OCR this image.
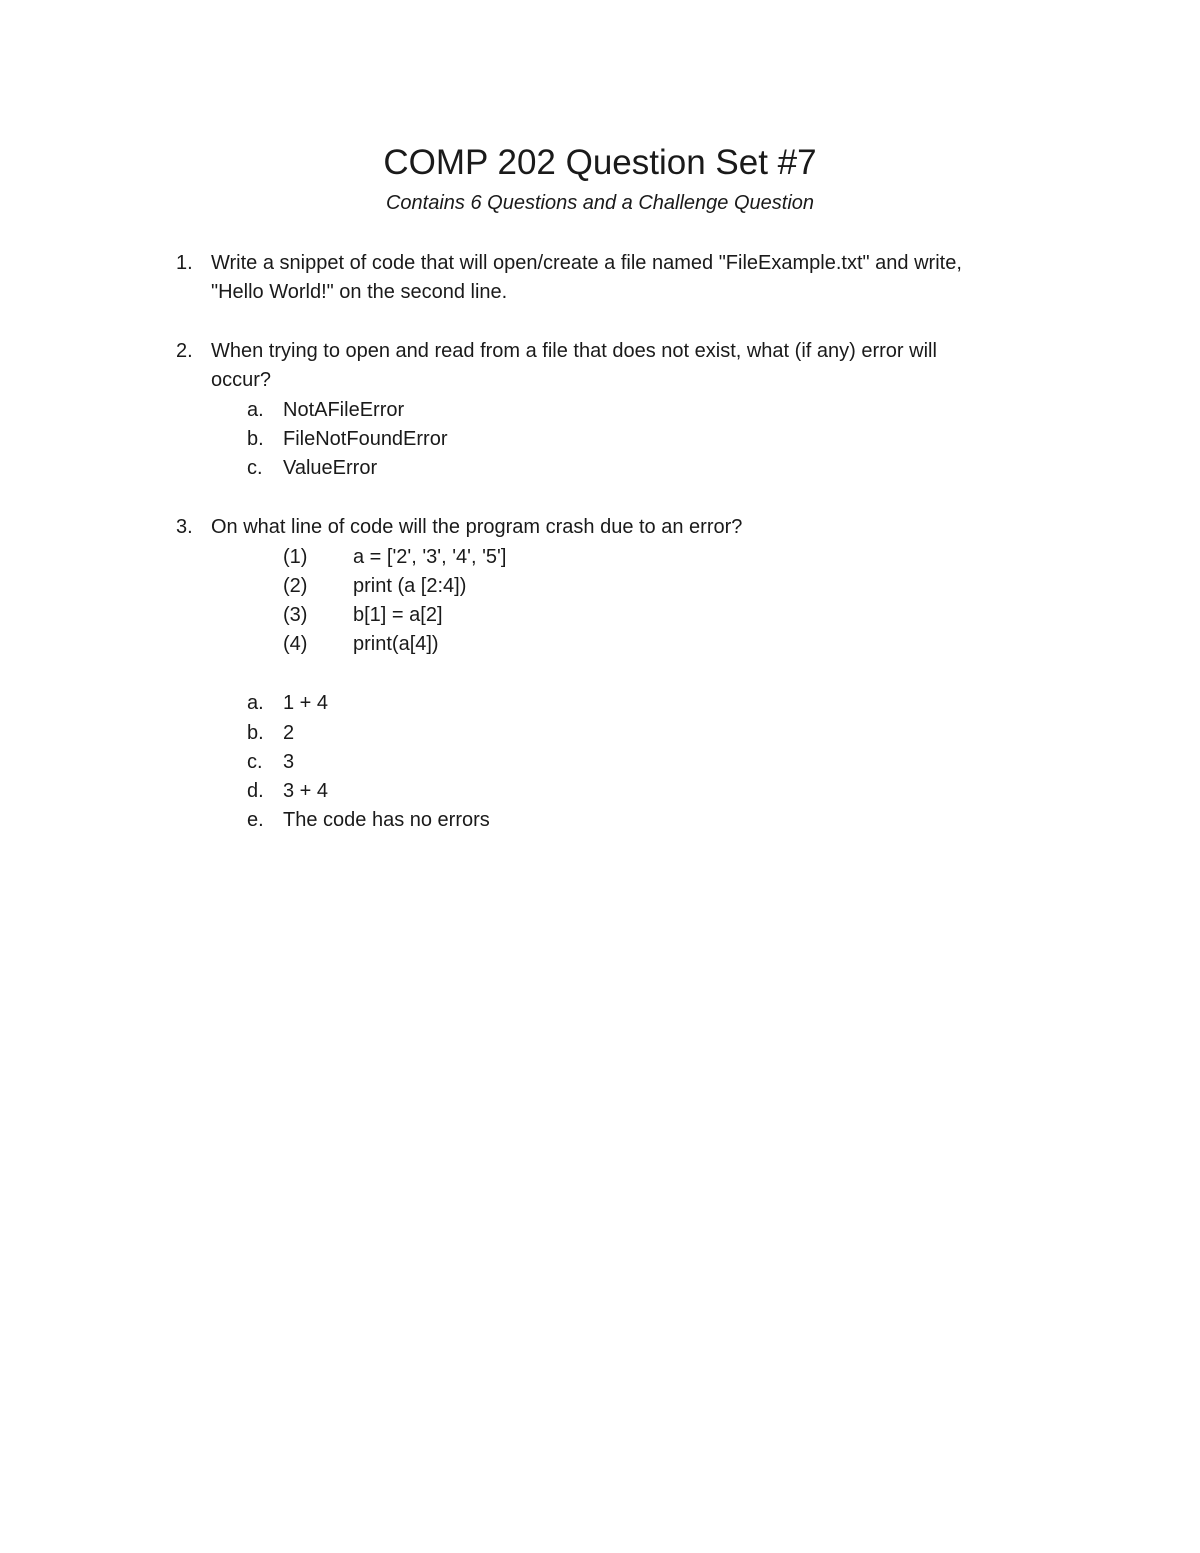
COMP 202 Question Set #7
Contains 6 Questions and a Challenge Question
1. Write a snippet of code that will open/create a file named "FileExample.txt" and write,
"Hello World!" on the second line.
2. When trying to open and read from a file that does not exist, what (if any) error will
occur?
a. NotAFileError
b. FileNotFoundError
c. ValueError
3. On what line of code will the program crash due to an error?
(1) a = ['2', '3', '4', '5']
(2) print (a [2:4])
(3) b[1] = a[2]
(4) print(a[4])
a. 1 + 4
b. 2
c. 3
d. 3 + 4
e. The code has no errors
